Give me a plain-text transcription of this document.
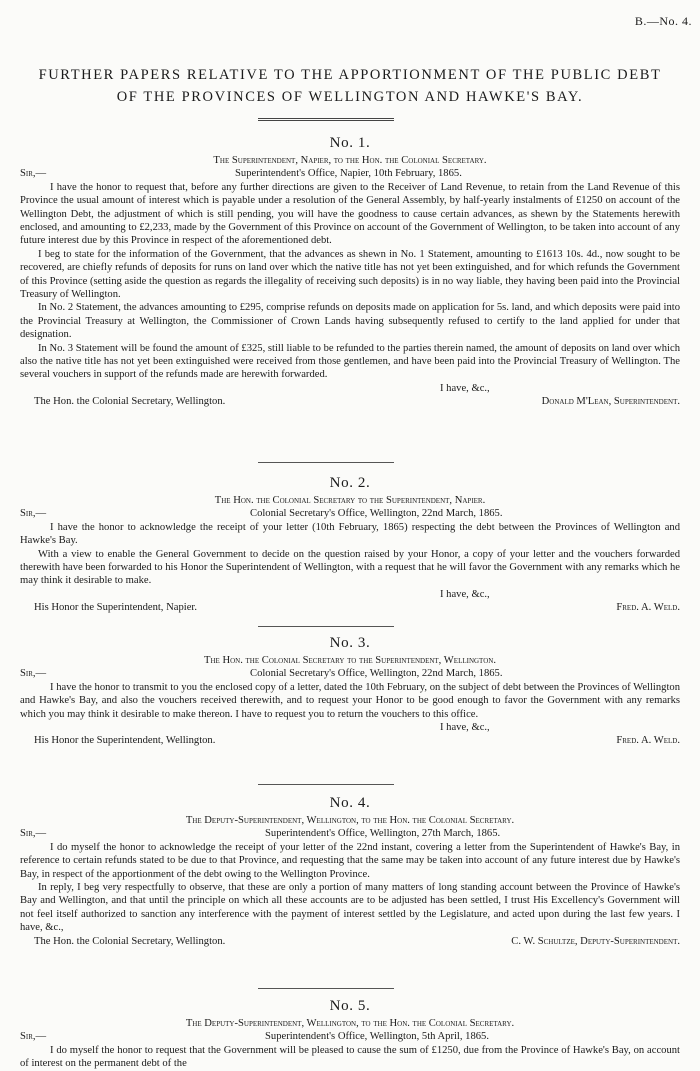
B.—No. 4.
FURTHER PAPERS RELATIVE TO THE APPORTIONMENT OF THE PUBLIC DEBT
OF THE PROVINCES OF WELLINGTON AND HAWKE'S BAY.
No. 1.
The Superintendent, Napier, to the Hon. the Colonial Secretary.
Sir,—	Superintendent's Office, Napier, 10th February, 1865.

I have the honor to request that, before any further directions are given to the Receiver of Land Revenue, to retain from the Land Revenue of this Province the usual amount of interest which is payable under a resolution of the General Assembly, by half-yearly instalments of £1250 on account of the Wellington Debt, the adjustment of which is still pending, you will have the goodness to cause certain advances, as shewn by the Statements herewith enclosed, and amounting to £2,233, made by the Government of this Province on account of the Government of Wellington, to be taken into account of any future interest due by this Province in respect of the aforementioned debt.

I beg to state for the information of the Government, that the advances as shewn in No. 1 Statement, amounting to £1613 10s. 4d., now sought to be recovered, are chiefly refunds of deposits for runs on land over which the native title has not yet been extinguished, and for which refunds the Government of this Province (setting aside the question as regards the illegality of receiving such deposits) is in no way liable, they having been paid into the Provincial Treasury of Wellington.

In No. 2 Statement, the advances amounting to £295, comprise refunds on deposits made on application for 5s. land, and which deposits were paid into the Provincial Treasury at Wellington, the Commissioner of Crown Lands having subsequently refused to certify to the land applied for under that designation.

In No. 3 Statement will be found the amount of £325, still liable to be refunded to the parties therein named, the amount of deposits on land over which also the native title has not yet been extinguished were received from those gentlemen, and have been paid into the Provincial Treasury of Wellington. The several vouchers in support of the refunds made are herewith forwarded.

I have, &c.,
The Hon. the Colonial Secretary, Wellington.	Donald M'Lean, Superintendent.
No. 2.
The Hon. the Colonial Secretary to the Superintendent, Napier.
Sir,—	Colonial Secretary's Office, Wellington, 22nd March, 1865.

I have the honor to acknowledge the receipt of your letter (10th February, 1865) respecting the debt between the Provinces of Wellington and Hawke's Bay.

With a view to enable the General Government to decide on the question raised by your Honor, a copy of your letter and the vouchers forwarded therewith have been forwarded to his Honor the Superintendent of Wellington, with a request that he will favor the Government with any remarks which he may think it desirable to make.

I have, &c.,
His Honor the Superintendent, Napier.	Fred. A. Weld.
No. 3.
The Hon. the Colonial Secretary to the Superintendent, Wellington.
Sir,—	Colonial Secretary's Office, Wellington, 22nd March, 1865.

I have the honor to transmit to you the enclosed copy of a letter, dated the 10th February, on the subject of debt between the Provinces of Wellington and Hawke's Bay, and also the vouchers received therewith, and to request your Honor to be good enough to favor the Government with any remarks which you may think it desirable to make thereon. I have to request you to return the vouchers to this office.

I have, &c.,
His Honor the Superintendent, Wellington.	Fred. A. Weld.
No. 4.
The Deputy-Superintendent, Wellington, to the Hon. the Colonial Secretary.
Sir,—	Superintendent's Office, Wellington, 27th March, 1865.

I do myself the honor to acknowledge the receipt of your letter of the 22nd instant, covering a letter from the Superintendent of Hawke's Bay, in reference to certain refunds stated to be due to that Province, and requesting that the same may be taken into account of any future interest due by Hawke's Bay, in respect of the apportionment of the debt owing to the Wellington Province.

In reply, I beg very respectfully to observe, that these are only a portion of many matters of long standing account between the Province of Hawke's Bay and Wellington, and that until the principle on which all these accounts are to be adjusted has been settled, I trust His Excellency's Government will not feel itself authorized to sanction any interference with the payment of interest settled by the Legislature, and acted upon during the last few years. I have, &c.,

The Hon. the Colonial Secretary, Wellington.	C. W. Schultze, Deputy-Superintendent.
No. 5.
The Deputy-Superintendent, Wellington, to the Hon. the Colonial Secretary.
Sir,—	Superintendent's Office, Wellington, 5th April, 1865.

I do myself the honor to request that the Government will be pleased to cause the sum of £1250, due from the Province of Hawke's Bay, on account of interest on the permanent debt of the
